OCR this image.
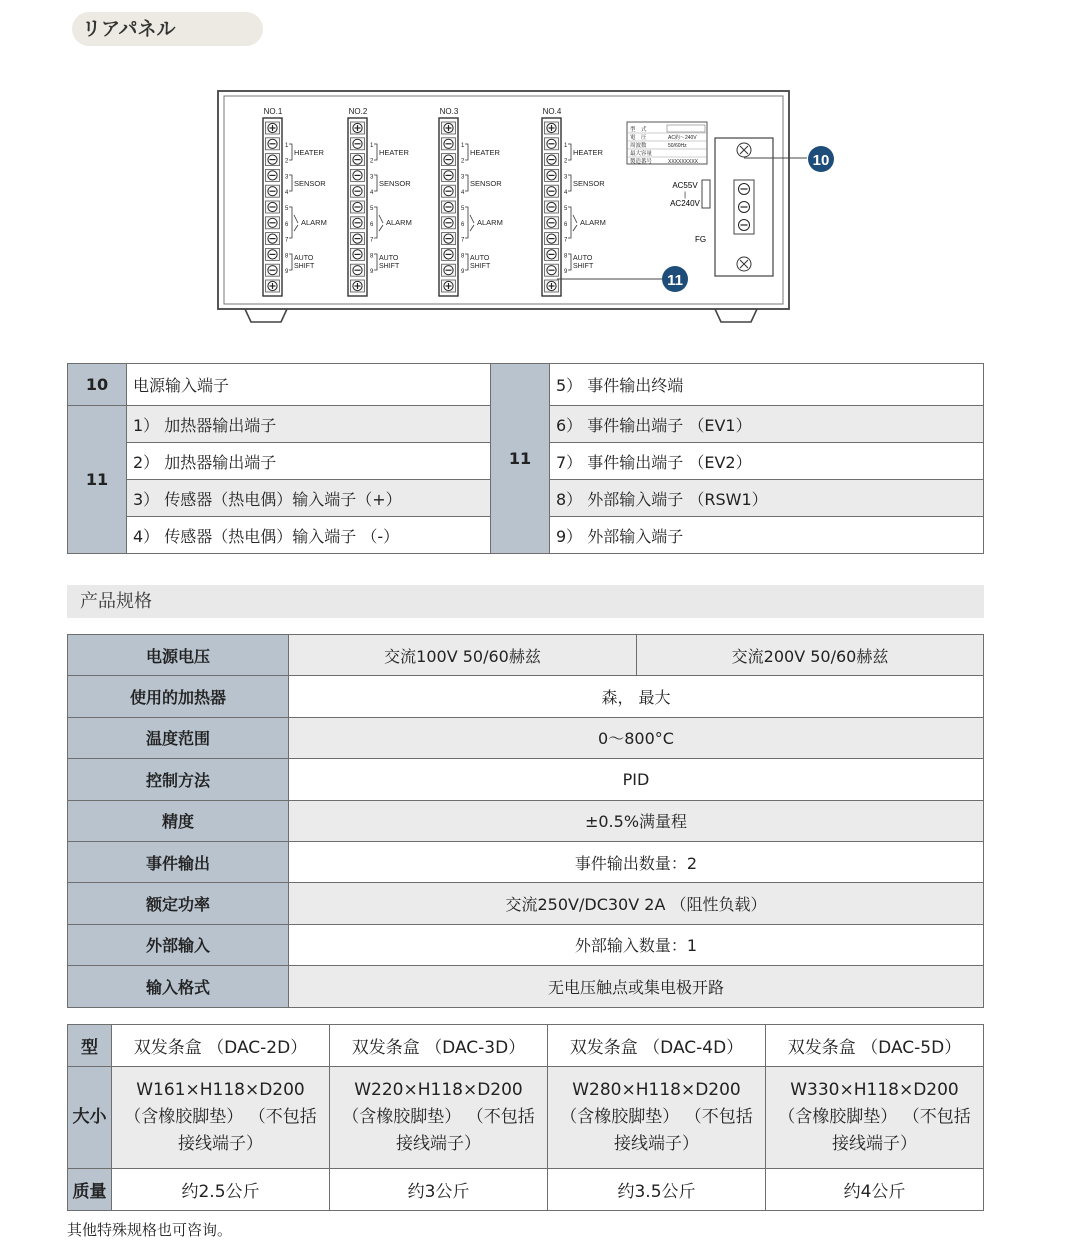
リアパネル
NO.1
1
2
3
4
5
6
7
8
9
HEATER
SENSOR
ALARM
AUTO
SHIFT
NO.2
1
2
3
4
5
6
7
8
9
HEATER
SENSOR
ALARM
AUTO
SHIFT
NO.3
1
2
3
4
5
6
7
8
9
HEATER
SENSOR
ALARM
AUTO
SHIFT
NO.4
1
2
3
4
5
6
7
8
9
HEATER
SENSOR
ALARM
AUTO
SHIFT
型　式
電　圧	AC約～240V
周波数	50/60Hz
最大容量
製造番号	XXXXXXXXX
AC55V
|
AC240V
FG
10
11
10	电源输入端子	11	5） 事件输出终端
11	1） 加热器输出端子		6） 事件输出端子 （EV1）
	2） 加热器输出端子		7） 事件输出端子 （EV2）
	3） 传感器（热电偶）输入端子（+）		8） 外部输入端子 （RSW1）
	4） 传感器（热电偶）输入端子 （-）		9） 外部输入端子
产品规格
电源电压	交流100V 50/60赫兹	交流200V 50/60赫兹
使用的加热器	森， 最大	
温度范围	0～800°C	
控制方法	PID	
精度	±0.5%满量程	
事件输出	事件输出数量：2	
额定功率	交流250V/DC30V 2A （阻性负载）	
外部输入	外部输入数量：1	
输入格式	无电压触点或集电极开路	
型	双发条盒 （DAC-2D）	双发条盒 （DAC-3D）	双发条盒 （DAC-4D）	双发条盒 （DAC-5D）
大小	W161×H118×D200
（含橡胶脚垫） （不包括
接线端子）	W220×H118×D200
（含橡胶脚垫） （不包括
接线端子）	W280×H118×D200
（含橡胶脚垫） （不包括
接线端子）	W330×H118×D200
（含橡胶脚垫） （不包括
接线端子）
质量	约2.5公斤	约3公斤	约3.5公斤	约4公斤
其他特殊规格也可咨询。
